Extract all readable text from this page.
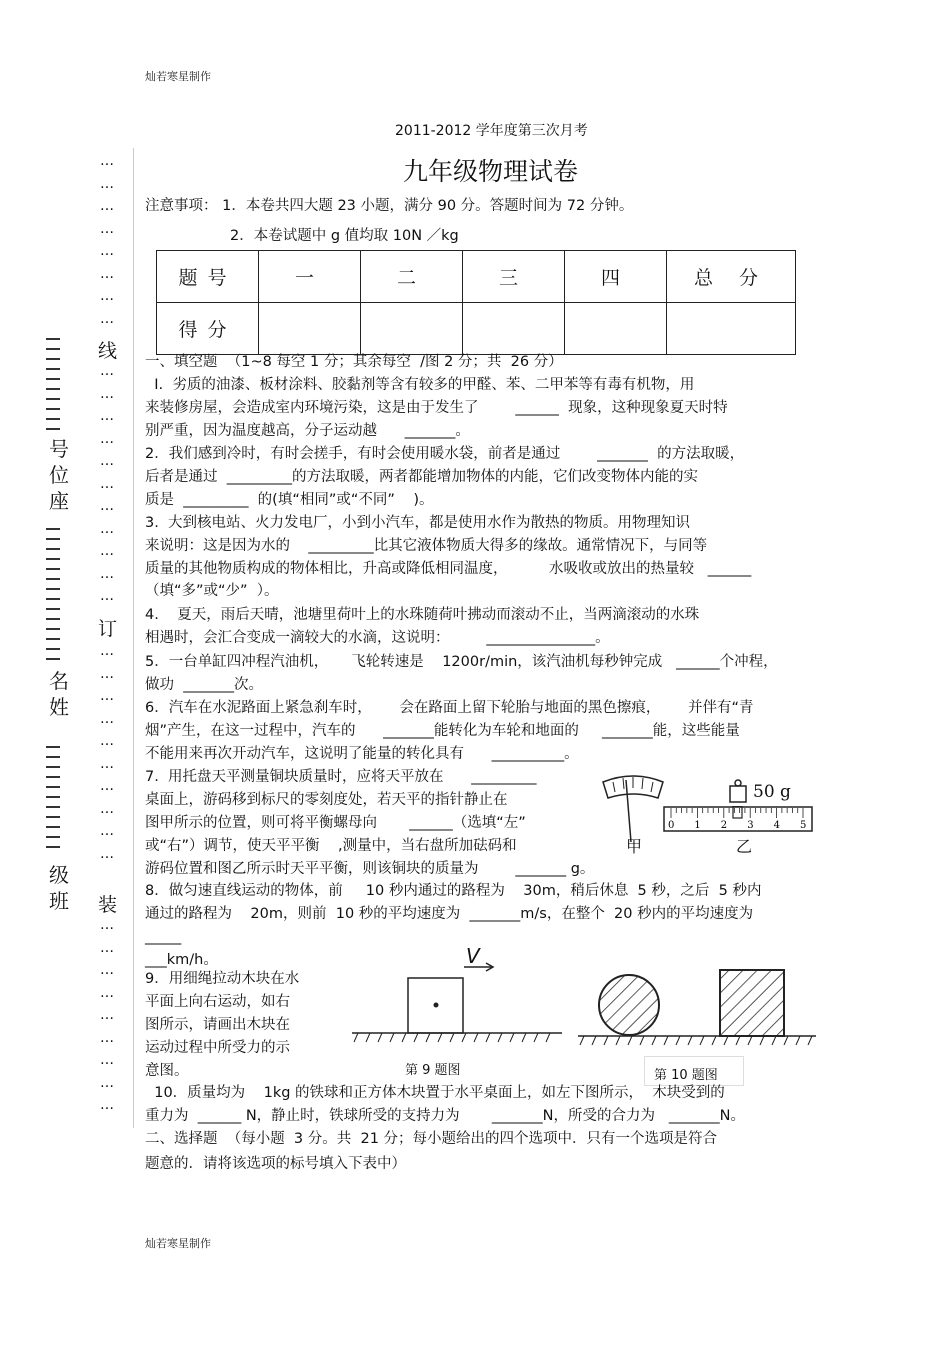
灿若寒星制作
灿若寒星制作
2011-2012 学年度第三次月考
九年级物理试卷
注意事项： 1．本卷共四大题 23 小题，满分 90 分。答题时间为 72 分钟。
2．本卷试题中 g 值均取 10N ／kg
题号	一	二	三	四	总 分
得分					
…
…
…
…
…
…
…
…
线
…
…
…
…
…
…
…
…
…
…
…
订
…
…
…
…
…
…
…
…
…
…
装
…
…
…
…
…
…
…
…
…
号位座
名姓
级班
一、填空题  （1~8 每空 1 分；其余每空  /图 2 分；共  26 分）
Ⅰ.  劣质的油漆、板材涂料、胶黏剂等含有较多的甲醛、苯、二甲苯等有毒有机物，用
来装修房屋，会造成室内环境污染，这是由于发生了        ______  现象，这种现象夏天时特
别严重，因为温度越高，分子运动越      _______。
2．我们感到冷时，有时会搓手，有时会使用暖水袋，前者是通过        _______  的方法取暖，
后者是通过  _________的方法取暖，两者都能增加物体的内能，它们改变物体内能的实
质是  _________  的(填“相同”或“不同”    )。
3.  大到核电站、火力发电厂，小到小汽车，都是使用水作为散热的物质。用物理知识
来说明：这是因为水的    _________比其它液体物质大得多的缘故。通常情况下，与同等
质量的其他物质构成的物体相比，升高或降低相同温度，         水吸收或放出的热量较   ______
（填“多”或“少”  ）。
4.    夏天，雨后天晴，池塘里荷叶上的水珠随荷叶拂动而滚动不止，当两滴滚动的水珠
相遇时，会汇合变成一滴较大的水滴，这说明：        _______________。
5．一台单缸四冲程汽油机，     飞轮转速是    1200r/min，该汽油机每秒钟完成   ______个冲程，
做功  _______次。
6．汽车在水泥路面上紧急刹车时，      会在路面上留下轮胎与地面的黑色擦痕，      并伴有“青
烟”产生，在这一过程中，汽车的      _______能转化为车轮和地面的     _______能，这些能量
不能用来再次开动汽车，这说明了能量的转化具有      __________。
7.  用托盘天平测量铜块质量时，应将天平放在      _________
桌面上，游码移到标尺的零刻度处，若天平的指针静止在
图甲所示的位置，则可将平衡螺母向       ______（选填“左”
或“右”）调节，使天平平衡    ,测量中，当右盘所加砝码和
游码位置和图乙所示时天平平衡，则该铜块的质量为        _______ g。
甲
50 g
0 1 2 3 4 5
乙
8．做匀速直线运动的物体，前     10 秒内通过的路程为    30m，稍后休息  5 秒，之后  5 秒内
通过的路程为    20m，则前  10 秒的平均速度为  _______m/s，在整个  20 秒内的平均速度为
_____
___km/h。
9．用细绳拉动木块在水
平面上向右运动，如右
图所示，请画出木块在
运动过程中所受力的示
意图。
V
第 9 题图	第 10 题图
10．质量均为    1kg 的铁球和正方体木块置于水平桌面上，如左下图所示，  木块受到的
重力为  ______ N，静止时，铁球所受的支持力为       _______N，所受的合力为   _______N。
二、选择题  （每小题  3 分。共  21 分；每小题给出的四个选项中．只有一个选项是符合
题意的．请将该选项的标号填入下表中）
